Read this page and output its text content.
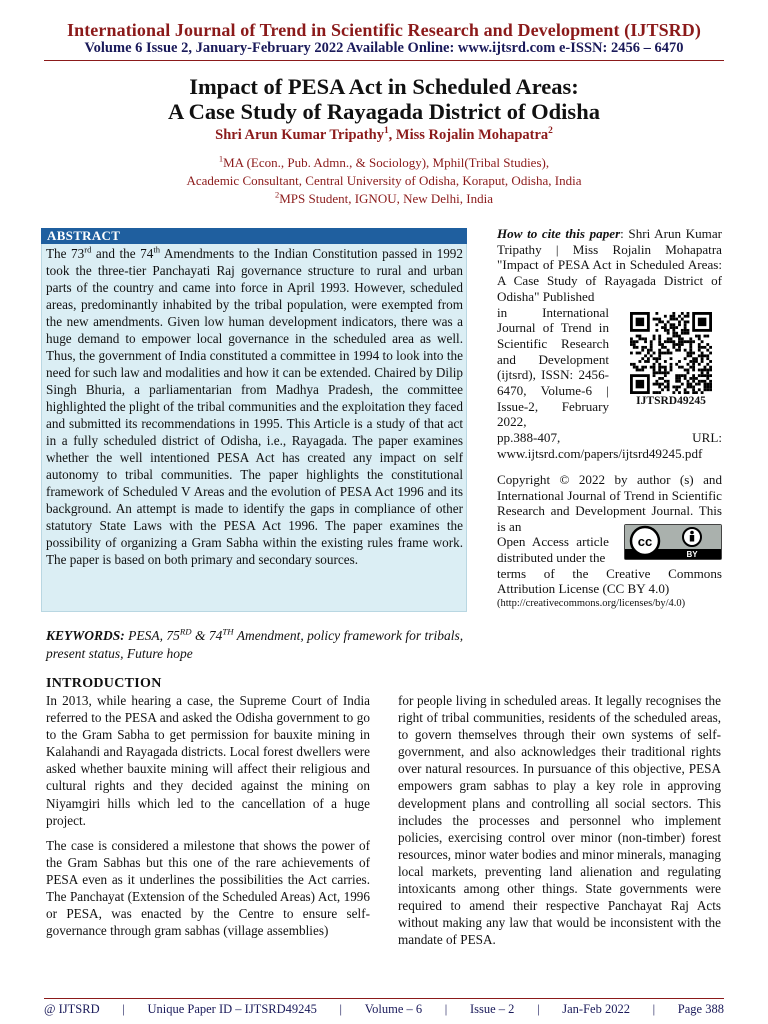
International Journal of Trend in Scientific Research and Development (IJTSRD)
Volume 6 Issue 2, January-February 2022 Available Online: www.ijtsrd.com e-ISSN: 2456 – 6470
Impact of PESA Act in Scheduled Areas:
A Case Study of Rayagada District of Odisha
Shri Arun Kumar Tripathy$^1$, Miss Rojalin Mohapatra$^2$
$^1$MA (Econ., Pub. Admn., & Sociology), Mphil(Tribal Studies),
Academic Consultant, Central University of Odisha, Koraput, Odisha, India
$^2$MPS Student, IGNOU, New Delhi, India
ABSTRACT
The 73rd and the 74th Amendments to the Indian Constitution passed in 1992 took the three-tier Panchayati Raj governance structure to rural and urban parts of the country and came into force in April 1993. However, scheduled areas, predominantly inhabited by the tribal population, were exempted from the new amendments. Given low human development indicators, there was a huge demand to empower local governance in the scheduled area as well. Thus, the government of India constituted a committee in 1994 to look into the need for such law and modalities and how it can be extended. Chaired by Dilip Singh Bhuria, a parliamentarian from Madhya Pradesh, the committee highlighted the plight of the tribal communities and the exploitation they faced and submitted its recommendations in 1995. This Article is a study of that act in a fully scheduled district of Odisha, i.e., Rayagada. The paper examines whether the well intentioned PESA Act has created any impact on self autonomy to tribal communities. The paper highlights the constitutional framework of Scheduled V Areas and the evolution of PESA Act 1996 and its background. An attempt is made to identify the gaps in compliance of other statutory State Laws with the PESA Act 1996. The paper examines the possibility of organizing a Gram Sabha within the existing rules frame work. The paper is based on both primary and secondary sources.
How to cite this paper: Shri Arun Kumar Tripathy | Miss Rojalin Mohapatra "Impact of PESA Act in Scheduled Areas: A Case Study of Rayagada District of Odisha" Published
in International Journal of Trend in Scientific Research and Development (ijtsrd), ISSN: 2456-6470, Volume-6 | Issue-2, February 2022,
pp.388-407, URL: www.ijtsrd.com/papers/ijtsrd49245.pdf
IJTSRD49245
Copyright © 2022 by author (s) and International Journal of Trend in Scientific Research and Development Journal. This is an
Open Access article distributed under the
terms of the Creative Commons Attribution License (CC BY 4.0)
(http://creativecommons.org/licenses/by/4.0)
cc
BY
KEYWORDS: PESA, 75RD & 74TH Amendment, policy framework for tribals, present status, Future hope
INTRODUCTION

In 2013, while hearing a case, the Supreme Court of India referred to the PESA and asked the Odisha government to go to the Gram Sabha to get permission for bauxite mining in Kalahandi and Rayagada districts. Local forest dwellers were asked whether bauxite mining will affect their religious and cultural rights and they decided against the mining on Niyamgiri hills which led to the cancellation of a huge project.

The case is considered a milestone that shows the power of the Gram Sabhas but this one of the rare achievements of PESA even as it underlines the possibilities the Act carries. The Panchayat (Extension of the Scheduled Areas) Act, 1996 or PESA, was enacted by the Centre to ensure self-governance through gram sabhas (village assemblies)

for people living in scheduled areas. It legally recognises the right of tribal communities, residents of the scheduled areas, to govern themselves through their own systems of self-government, and also acknowledges their traditional rights over natural resources. In pursuance of this objective, PESA empowers gram sabhas to play a key role in approving development plans and controlling all social sectors. This includes the processes and personnel who implement policies, exercising control over minor (non-timber) forest resources, minor water bodies and minor minerals, managing local markets, preventing land alienation and regulating intoxicants among other things. State governments were required to amend their respective Panchayat Raj Acts without making any law that would be inconsistent with the mandate of PESA.

@ IJTSRD | Unique Paper ID – IJTSRD49245 | Volume – 6 | Issue – 2 | Jan-Feb 2022 | Page 388
